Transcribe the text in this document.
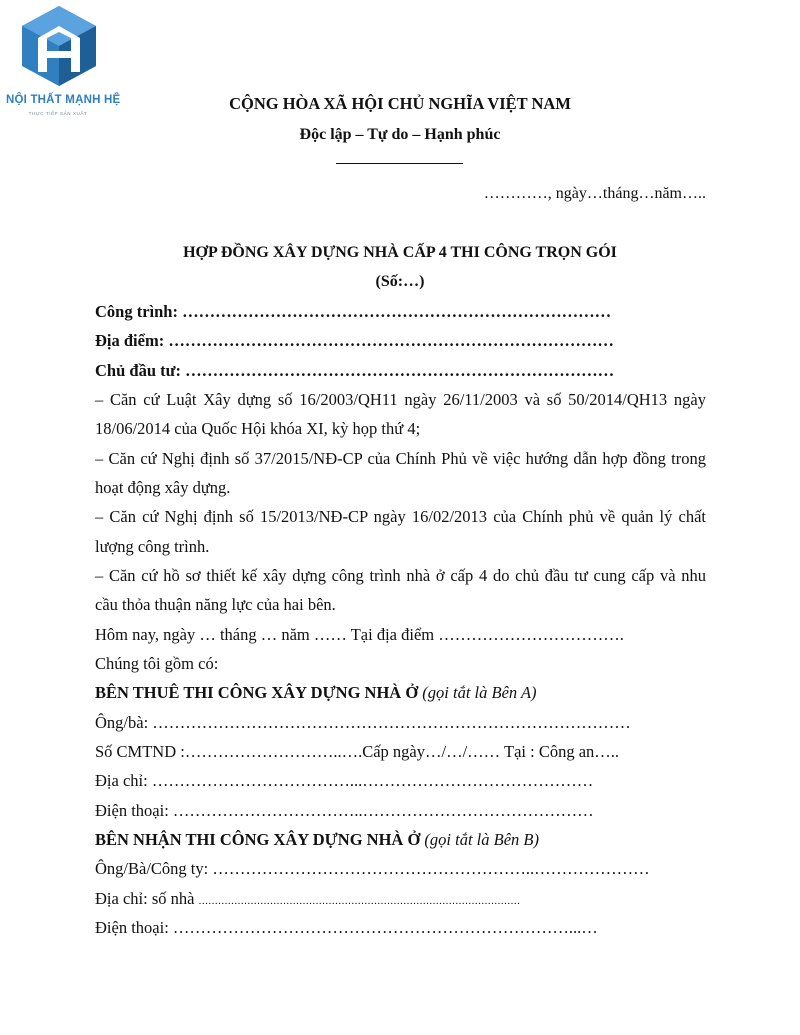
NỘI THẤT MẠNH HỆ
THỰC TIẾP SẢN XUẤT
CỘNG HÒA XÃ HỘI CHỦ NGHĨA VIỆT NAM
Độc lập – Tự do – Hạnh phúc
…………, ngày…tháng…năm…..
HỢP ĐỒNG XÂY DỰNG NHÀ CẤP 4 THI CÔNG TRỌN GÓI
(Số:…)
Công trình: ……………………………………………………………………
Địa điểm: ………………………………………………………………………
Chủ đầu tư: ……………………………………………………………………
– Căn cứ Luật Xây dựng số 16/2003/QH11 ngày 26/11/2003 và số 50/2014/QH13 ngày
18/06/2014 của Quốc Hội khóa XI, kỳ họp thứ 4;
– Căn cứ Nghị định số 37/2015/NĐ-CP của Chính Phủ về việc hướng dẫn hợp đồng trong
hoạt động xây dựng.
– Căn cứ Nghị định số 15/2013/NĐ-CP ngày 16/02/2013 của Chính phủ về quản lý chất
lượng công trình.
– Căn cứ hồ sơ thiết kế xây dựng công trình nhà ở cấp 4 do chủ đầu tư cung cấp và nhu
cầu thỏa thuận năng lực của hai bên.
Hôm nay, ngày … tháng … năm …… Tại địa điểm …………………………….
Chúng tôi gồm có:
BÊN THUÊ THI CÔNG XÂY DỰNG NHÀ Ở (gọi tắt là Bên A)
Ông/bà: ……………………………………………………………………………
Số CMTND :………………………..….Cấp ngày…/…/…… Tại : Công an…..
Địa chỉ: ………………………………...……………………………………
Điện thoại: ……………………………..……………………………………
BÊN NHẬN THI CÔNG XÂY DỰNG NHÀ Ở (gọi tắt là Bên B)
Ông/Bà/Công ty: …………………………………………………..…………………
Địa chỉ: số nhà ...................................................................................................
Điện thoại: ………………………………………………………………...…
